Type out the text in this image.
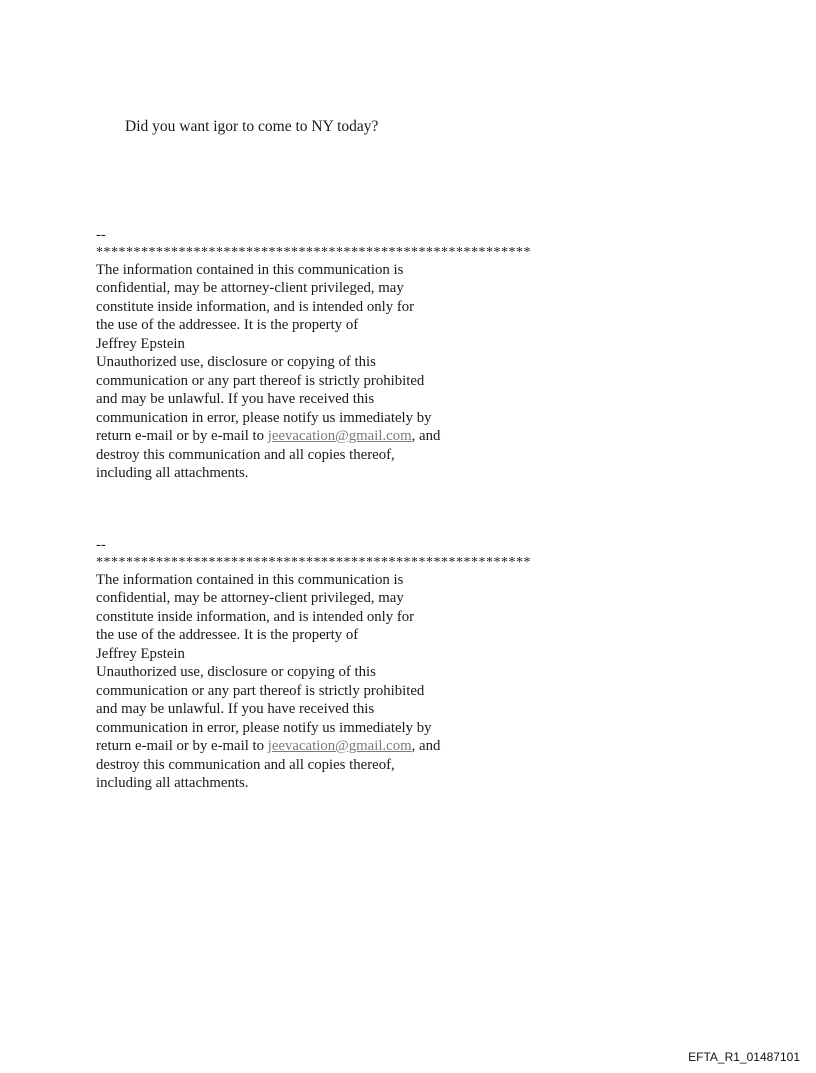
Did you want igor to come to NY today?
--
**********************************************************
The information contained in this communication is
confidential, may be attorney-client privileged, may
constitute inside information, and is intended only for
the use of the addressee. It is the property of
Jeffrey Epstein
Unauthorized use, disclosure or copying of this
communication or any part thereof is strictly prohibited
and may be unlawful. If you have received this
communication in error, please notify us immediately by
return e-mail or by e-mail to jeevacation@gmail.com, and
destroy this communication and all copies thereof,
including all attachments.
--
**********************************************************
The information contained in this communication is
confidential, may be attorney-client privileged, may
constitute inside information, and is intended only for
the use of the addressee. It is the property of
Jeffrey Epstein
Unauthorized use, disclosure or copying of this
communication or any part thereof is strictly prohibited
and may be unlawful. If you have received this
communication in error, please notify us immediately by
return e-mail or by e-mail to jeevacation@gmail.com, and
destroy this communication and all copies thereof,
including all attachments.
EFTA_R1_01487101
